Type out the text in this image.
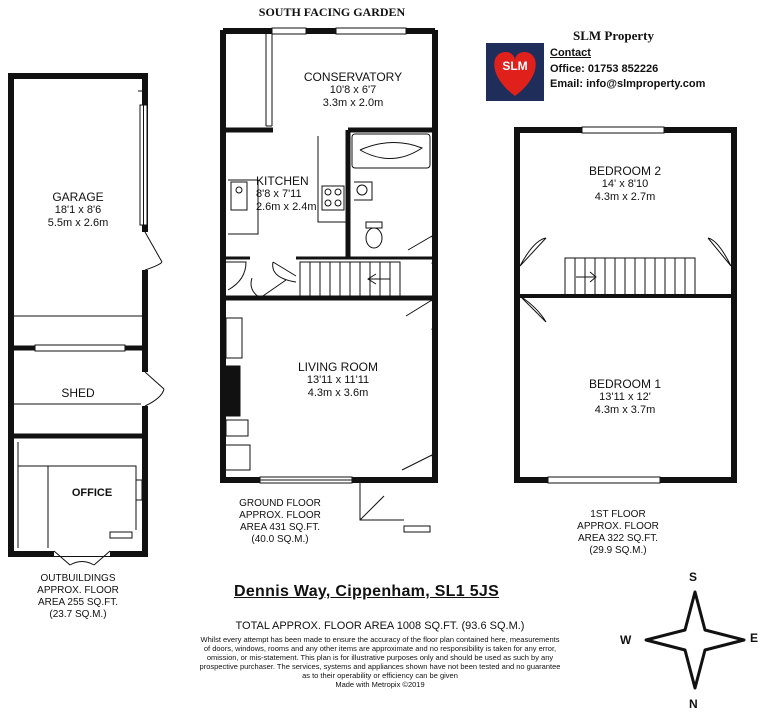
SOUTH FACING GARDEN
SLM
SLM Property
Contact
Office: 01753 852226
Email: info@slmproperty.com
GARAGE
18'1 x 8'6
5.5m x 2.6m
SHED
OFFICE
CONSERVATORY
10'8 x 6'7
3.3m x 2.0m
KITCHEN
8'8 x 7'11
2.6m x 2.4m
LIVING ROOM
13'11 x 11'11
4.3m x 3.6m
BEDROOM 2
14' x 8'10
4.3m x 2.7m
BEDROOM 1
13'11 x 12'
4.3m x 3.7m
OUTBUILDINGS
APPROX. FLOOR
AREA 255 SQ.FT.
(23.7 SQ.M.)
GROUND FLOOR
APPROX. FLOOR
AREA 431 SQ.FT.
(40.0 SQ.M.)
1ST FLOOR
APPROX. FLOOR
AREA 322 SQ.FT.
(29.9 SQ.M.)
Dennis Way, Cippenham, SL1 5JS
TOTAL APPROX. FLOOR AREA 1008 SQ.FT. (93.6 SQ.M.)
Whilst every attempt has been made to ensure the accuracy of the floor plan contained here, measurements
of doors, windows, rooms and any other items are approximate and no responsibility is taken for any error,
omission, or mis-statement. This plan is for illustrative purposes only and should be used as such by any
prospective purchaser. The services, systems and appliances shown have not been tested and no guarantee
as to their operability or efficiency can be given
Made with Metropix ©2019
S
N
E
W
